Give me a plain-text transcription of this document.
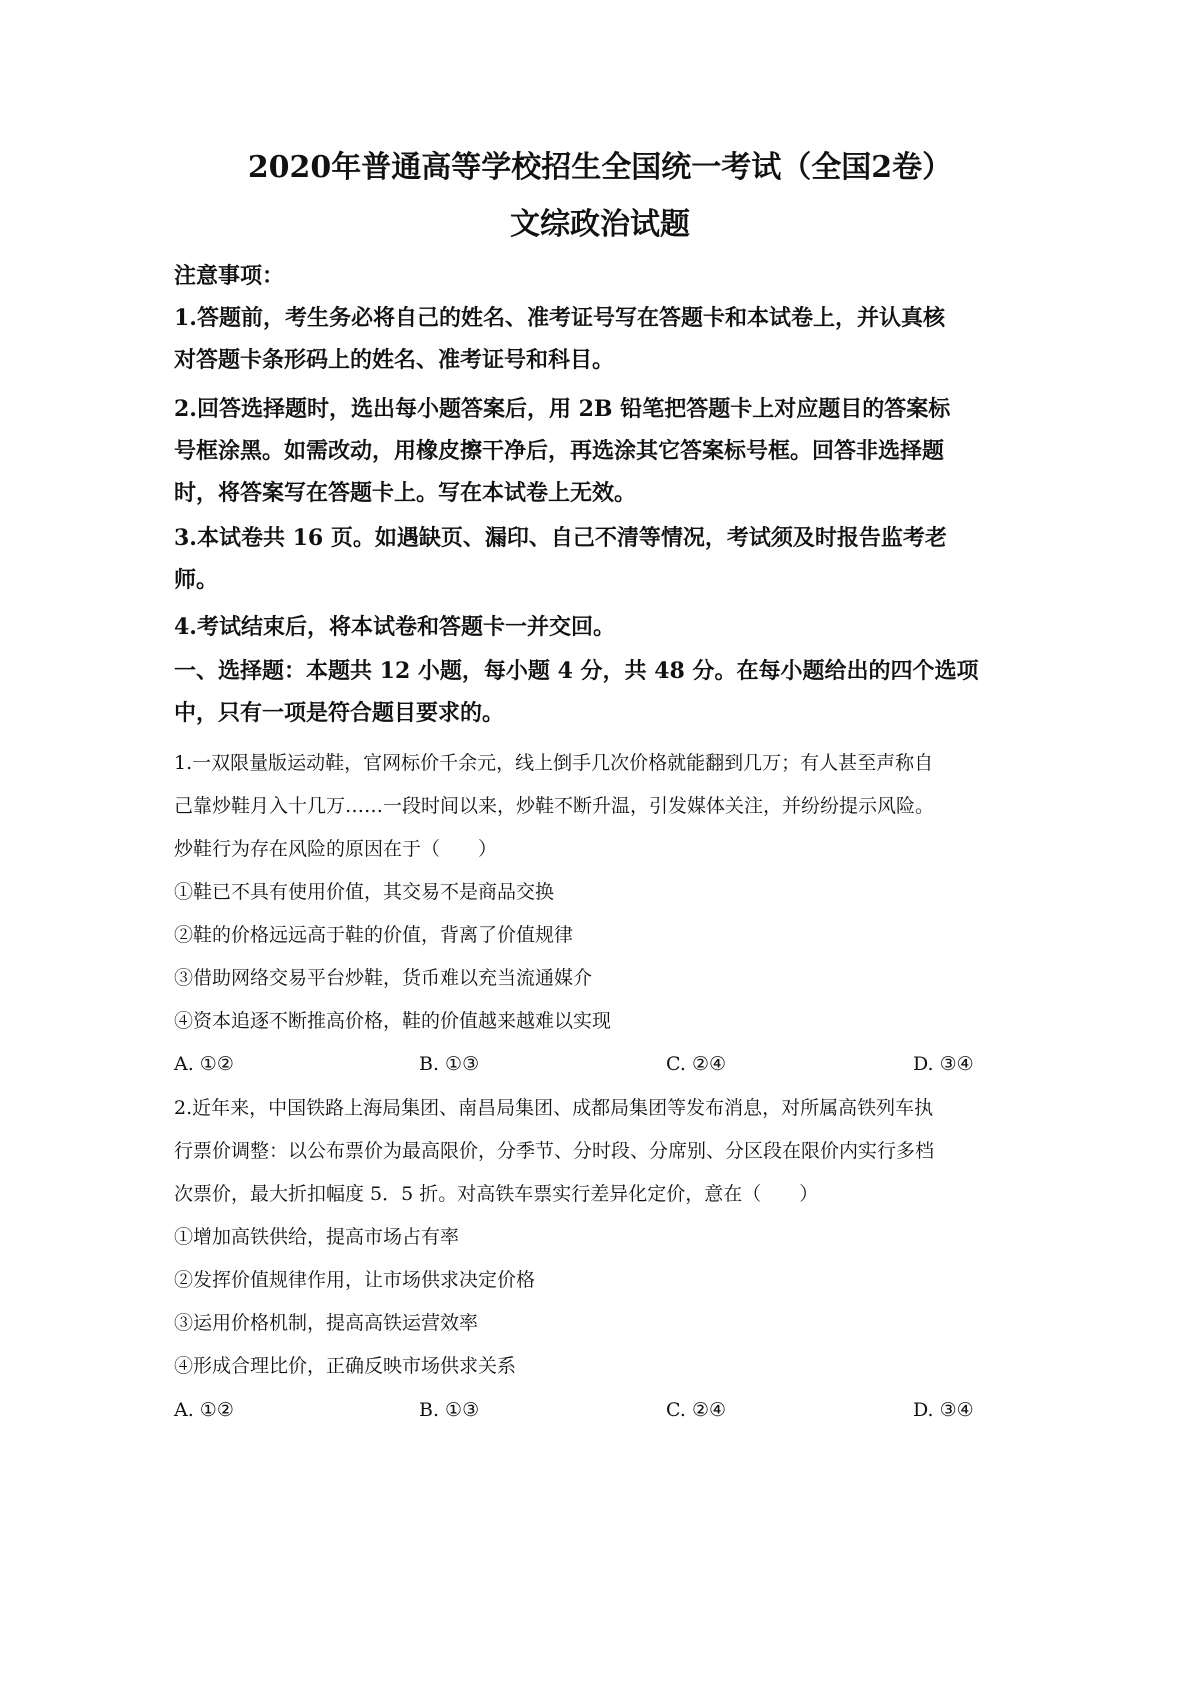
2020年普通高等学校招生全国统一考试（全国2卷）
文综政治试题
注意事项：
1.答题前，考生务必将自己的姓名、准考证号写在答题卡和本试卷上，并认真核
对答题卡条形码上的姓名、准考证号和科目。
2.回答选择题时，选出每小题答案后，用 2B 铅笔把答题卡上对应题目的答案标
号框涂黑。如需改动，用橡皮擦干净后，再选涂其它答案标号框。回答非选择题
时，将答案写在答题卡上。写在本试卷上无效。
3.本试卷共 16 页。如遇缺页、漏印、自己不清等情况，考试须及时报告监考老
师。
4.考试结束后，将本试卷和答题卡一并交回。
一、选择题：本题共 12 小题，每小题 4 分，共 48 分。在每小题给出的四个选项
中，只有一项是符合题目要求的。
1.一双限量版运动鞋，官网标价千余元，线上倒手几次价格就能翻到几万；有人甚至声称自
己靠炒鞋月入十几万……一段时间以来，炒鞋不断升温，引发媒体关注，并纷纷提示风险。
炒鞋行为存在风险的原因在于（　　）
①鞋已不具有使用价值，其交易不是商品交换
②鞋的价格远远高于鞋的价值，背离了价值规律
③借助网络交易平台炒鞋，货币难以充当流通媒介
④资本追逐不断推高价格，鞋的价值越来越难以实现
A. ①②	B. ①③	C. ②④	D. ③④
2.近年来，中国铁路上海局集团、南昌局集团、成都局集团等发布消息，对所属高铁列车执
行票价调整：以公布票价为最高限价，分季节、分时段、分席别、分区段在限价内实行多档
次票价，最大折扣幅度 5．5 折。对高铁车票实行差异化定价，意在（　　）
①增加高铁供给，提高市场占有率
②发挥价值规律作用，让市场供求决定价格
③运用价格机制，提高高铁运营效率
④形成合理比价，正确反映市场供求关系
A. ①②	B. ①③	C. ②④	D. ③④
